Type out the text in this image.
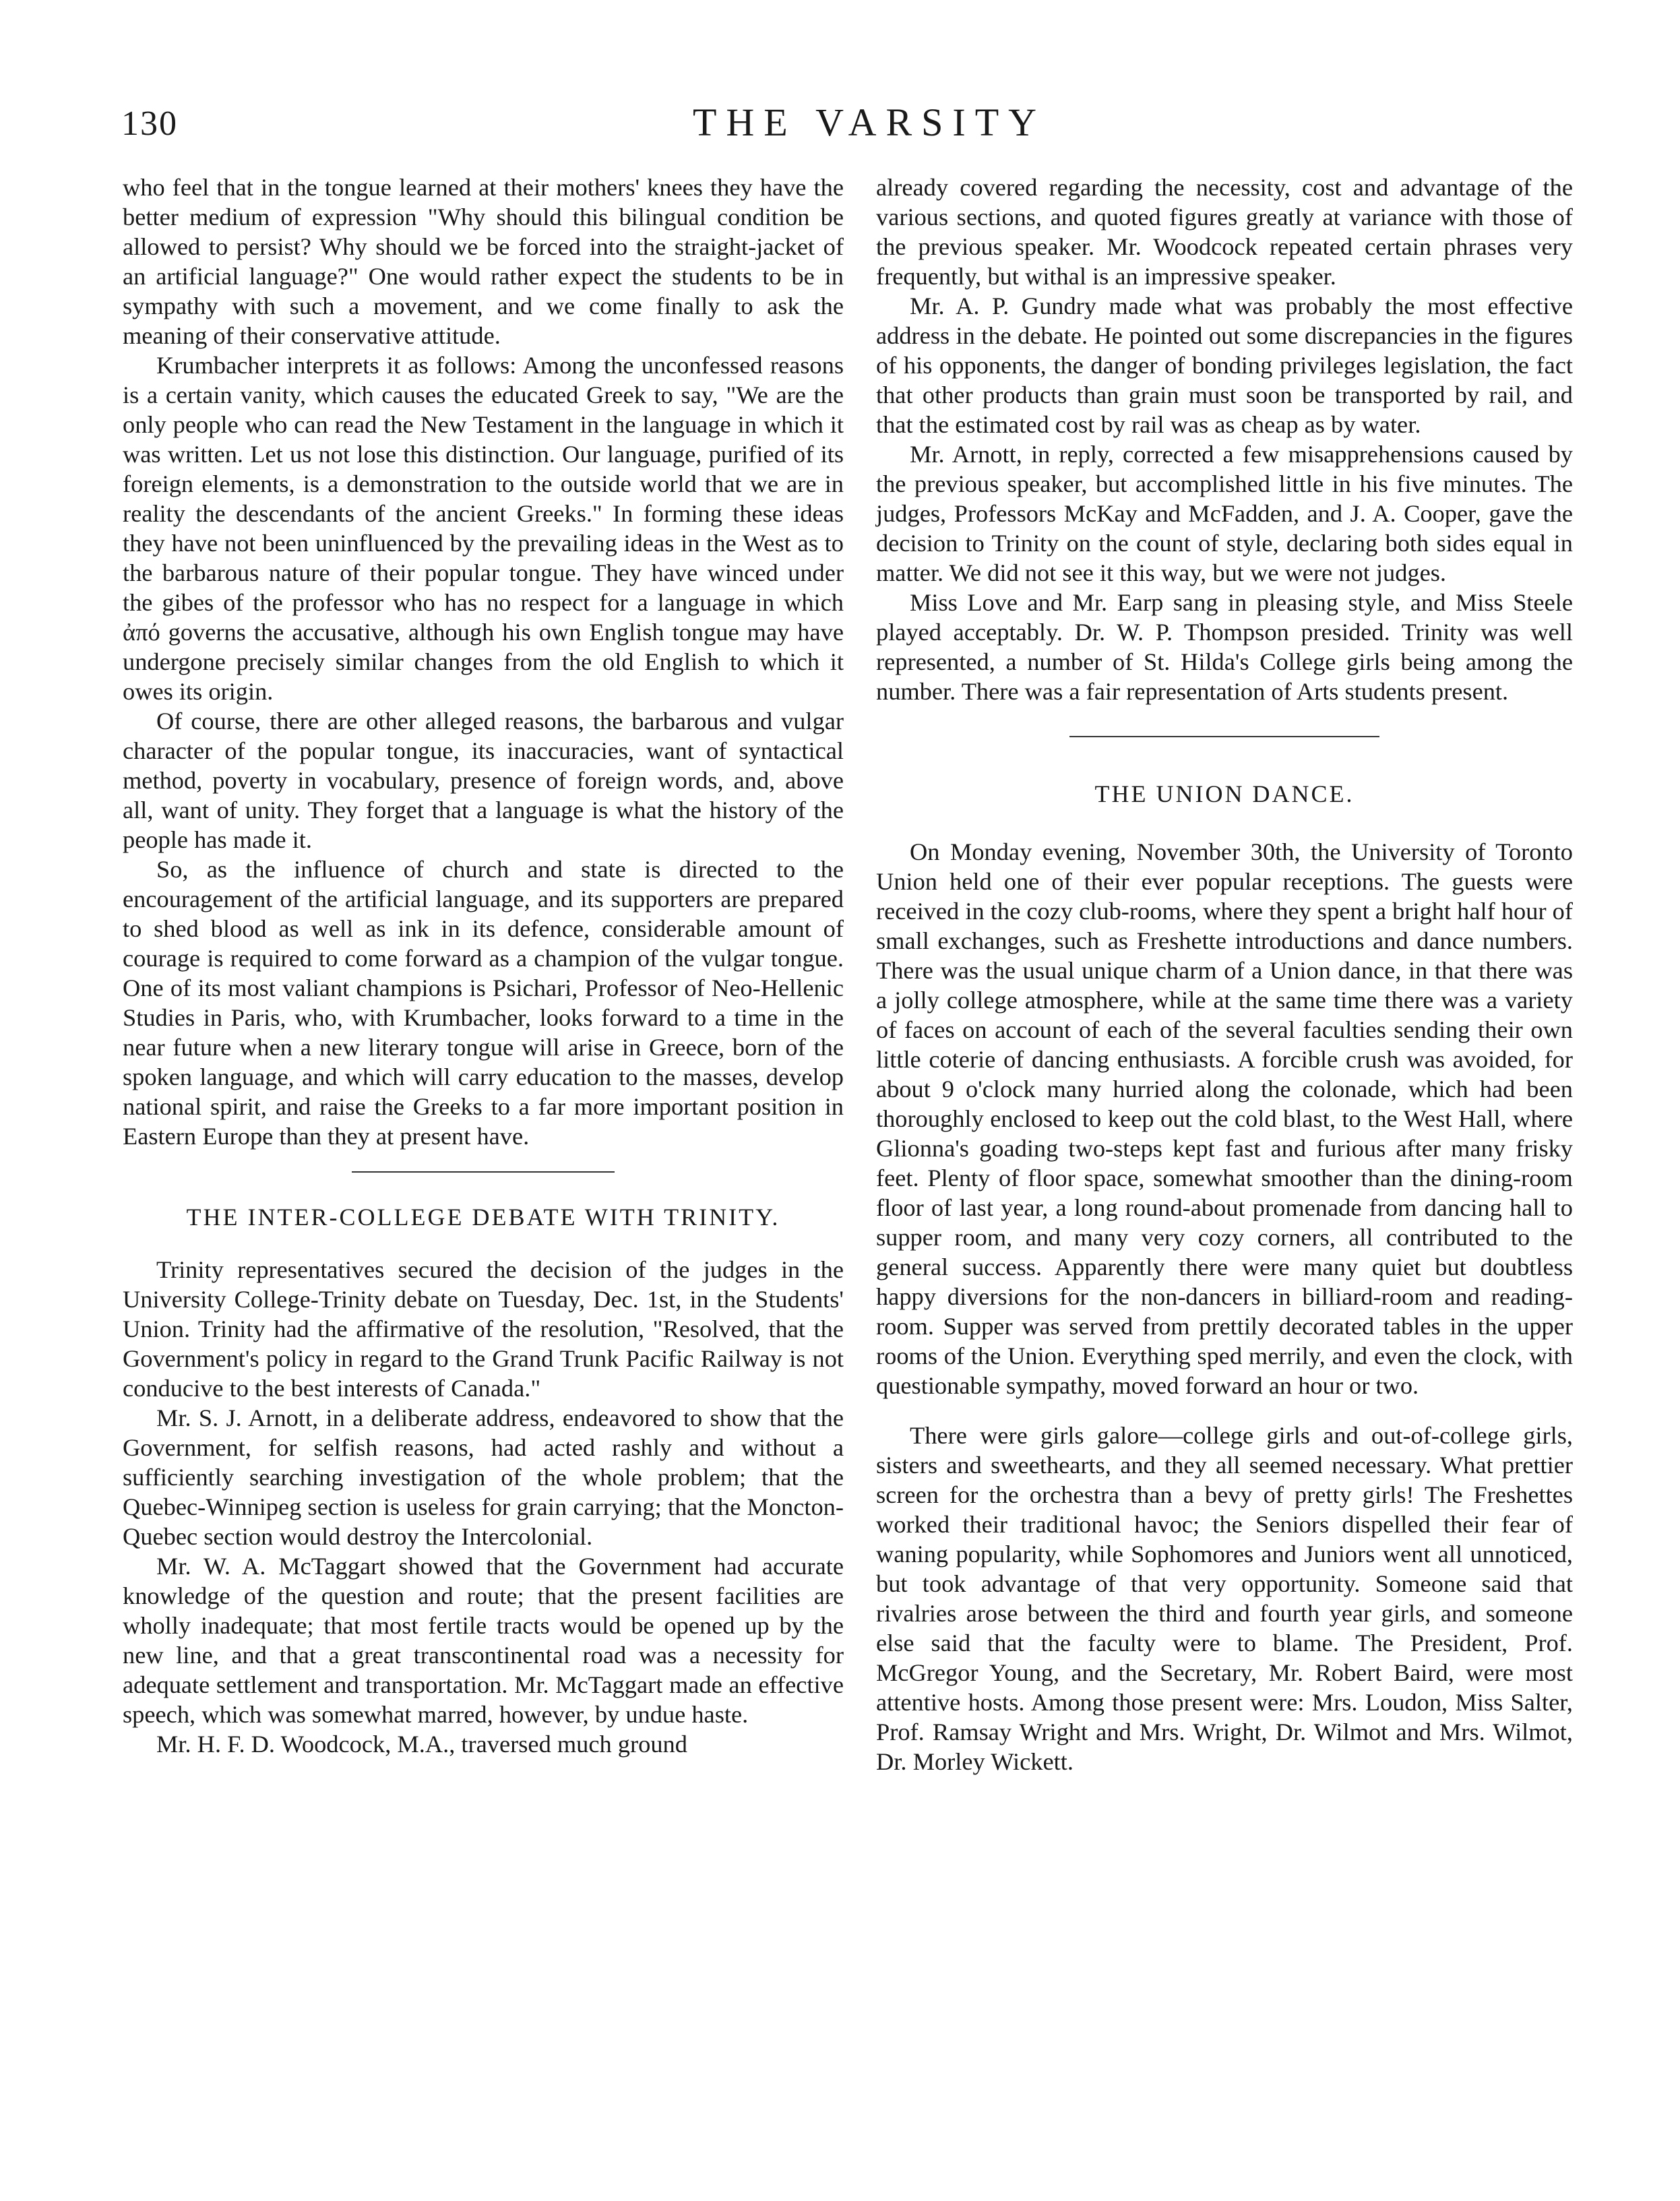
130	THE VARSITY

who feel that in the tongue learned at their mothers' knees they have the better medium of expression "Why should this bilingual condition be allowed to persist? Why should we be forced into the straight-jacket of an artificial language?" One would rather expect the students to be in sympathy with such a movement, and we come finally to ask the meaning of their conservative attitude.

Krumbacher interprets it as follows: Among the unconfessed reasons is a certain vanity, which causes the educated Greek to say, "We are the only people who can read the New Testament in the language in which it was written. Let us not lose this distinction. Our language, purified of its foreign elements, is a demonstration to the outside world that we are in reality the descendants of the ancient Greeks." In forming these ideas they have not been uninfluenced by the prevailing ideas in the West as to the barbarous nature of their popular tongue. They have winced under the gibes of the professor who has no respect for a language in which ἀπό governs the accusative, although his own English tongue may have undergone precisely similar changes from the old English to which it owes its origin.

Of course, there are other alleged reasons, the barbarous and vulgar character of the popular tongue, its inaccuracies, want of syntactical method, poverty in vocabulary, presence of foreign words, and, above all, want of unity. They forget that a language is what the history of the people has made it.

So, as the influence of church and state is directed to the encouragement of the artificial language, and its supporters are prepared to shed blood as well as ink in its defence, considerable amount of courage is required to come forward as a champion of the vulgar tongue. One of its most valiant champions is Psichari, Professor of Neo-Hellenic Studies in Paris, who, with Krumbacher, looks forward to a time in the near future when a new literary tongue will arise in Greece, born of the spoken language, and which will carry education to the masses, develop national spirit, and raise the Greeks to a far more important position in Eastern Europe than they at present have.

THE INTER-COLLEGE DEBATE WITH TRINITY.

Trinity representatives secured the decision of the judges in the University College-Trinity debate on Tuesday, Dec. 1st, in the Students' Union. Trinity had the affirmative of the resolution, "Resolved, that the Government's policy in regard to the Grand Trunk Pacific Railway is not conducive to the best interests of Canada."

Mr. S. J. Arnott, in a deliberate address, endeavored to show that the Government, for selfish reasons, had acted rashly and without a sufficiently searching investigation of the whole problem; that the Quebec-Winnipeg section is useless for grain carrying; that the Moncton-Quebec section would destroy the Intercolonial.

Mr. W. A. McTaggart showed that the Government had accurate knowledge of the question and route; that the present facilities are wholly inadequate; that most fertile tracts would be opened up by the new line, and that a great transcontinental road was a necessity for adequate settlement and transportation. Mr. McTaggart made an effective speech, which was somewhat marred, however, by undue haste.

Mr. H. F. D. Woodcock, M.A., traversed much ground

already covered regarding the necessity, cost and advantage of the various sections, and quoted figures greatly at variance with those of the previous speaker. Mr. Woodcock repeated certain phrases very frequently, but withal is an impressive speaker.

Mr. A. P. Gundry made what was probably the most effective address in the debate. He pointed out some discrepancies in the figures of his opponents, the danger of bonding privileges legislation, the fact that other products than grain must soon be transported by rail, and that the estimated cost by rail was as cheap as by water.

Mr. Arnott, in reply, corrected a few misapprehensions caused by the previous speaker, but accomplished little in his five minutes. The judges, Professors McKay and McFadden, and J. A. Cooper, gave the decision to Trinity on the count of style, declaring both sides equal in matter. We did not see it this way, but we were not judges.

Miss Love and Mr. Earp sang in pleasing style, and Miss Steele played acceptably. Dr. W. P. Thompson presided. Trinity was well represented, a number of St. Hilda's College girls being among the number. There was a fair representation of Arts students present.

THE UNION DANCE.

On Monday evening, November 30th, the University of Toronto Union held one of their ever popular receptions. The guests were received in the cozy club-rooms, where they spent a bright half hour of small exchanges, such as Freshette introductions and dance numbers. There was the usual unique charm of a Union dance, in that there was a jolly college atmosphere, while at the same time there was a variety of faces on account of each of the several faculties sending their own little coterie of dancing enthusiasts. A forcible crush was avoided, for about 9 o'clock many hurried along the colonade, which had been thoroughly enclosed to keep out the cold blast, to the West Hall, where Glionna's goading two-steps kept fast and furious after many frisky feet. Plenty of floor space, somewhat smoother than the dining-room floor of last year, a long round-about promenade from dancing hall to supper room, and many very cozy corners, all contributed to the general success. Apparently there were many quiet but doubtless happy diversions for the non-dancers in billiard-room and reading-room. Supper was served from prettily decorated tables in the upper rooms of the Union. Everything sped merrily, and even the clock, with questionable sympathy, moved forward an hour or two.

There were girls galore—college girls and out-of-college girls, sisters and sweethearts, and they all seemed necessary. What prettier screen for the orchestra than a bevy of pretty girls! The Freshettes worked their traditional havoc; the Seniors dispelled their fear of waning popularity, while Sophomores and Juniors went all unnoticed, but took advantage of that very opportunity. Someone said that rivalries arose between the third and fourth year girls, and someone else said that the faculty were to blame. The President, Prof. McGregor Young, and the Secretary, Mr. Robert Baird, were most attentive hosts. Among those present were: Mrs. Loudon, Miss Salter, Prof. Ramsay Wright and Mrs. Wright, Dr. Wilmot and Mrs. Wilmot, Dr. Morley Wickett.
